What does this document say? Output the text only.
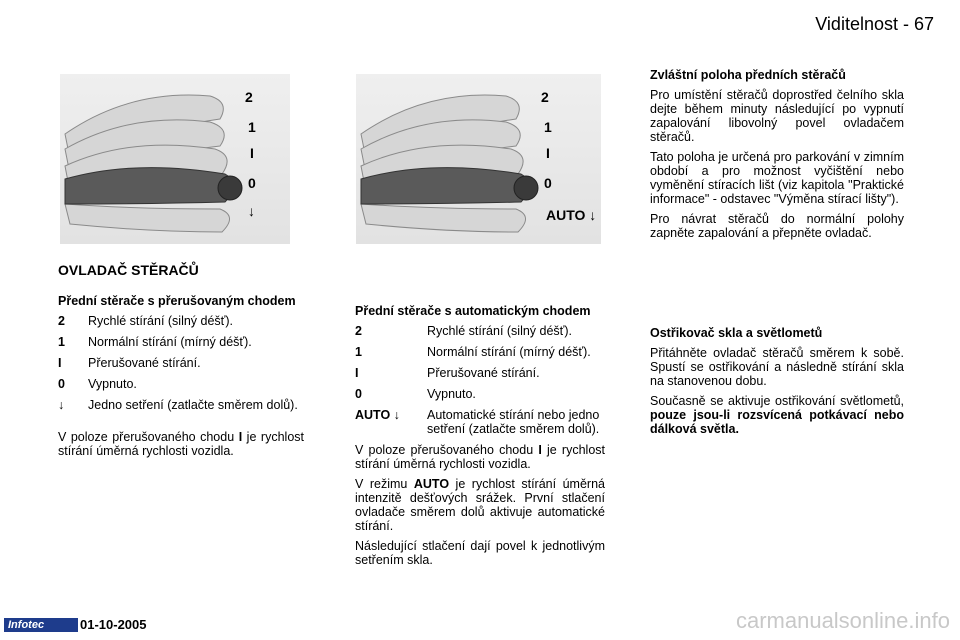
Viditelnost - 67
2
1
I
0
↓
2
1
I
0
AUTO ↓
OVLADAČ STĚRAČŮ
Přední stěrače s přerušovaným chodem
2	Rychlé stírání (silný déšť).
1	Normální stírání (mírný déšť).
I	Přerušované stírání.
0	Vypnuto.
↓	Jedno setření (zatlačte směrem dolů).

V poloze přerušovaného chodu I je rychlost stírání úměrná rychlosti vozidla.

Přední stěrače s automatickým chodem
2	Rychlé stírání (silný déšť).
1	Normální stírání (mírný déšť).
I	Přerušované stírání.
0	Vypnuto.
AUTO ↓	Automatické stírání nebo jedno setření (zatlačte směrem dolů).

V poloze přerušovaného chodu I je rychlost stírání úměrná rychlosti vozidla.

V režimu AUTO je rychlost stírání úměrná intenzitě dešťových srážek. První stlačení ovladače směrem dolů aktivuje automatické stírání.

Následující stlačení dají povel k jednotlivým setřením skla.

Zvláštní poloha předních stěračů

Pro umístění stěračů doprostřed čelního skla dejte během minuty následující po vypnutí zapalování libovolný povel ovladačem stěračů.

Tato poloha je určená pro parkování v zimním období a pro možnost vyčištění nebo vyměnění stíracích lišt (viz kapitola "Praktické informace" - odstavec "Výměna stírací lišty").

Pro návrat stěračů do normální polohy zapněte zapalování a přepněte ovladač.

Ostřikovač skla a světlometů

Přitáhněte ovladač stěračů směrem k sobě. Spustí se ostřikování a následně stírání skla na stanovenou dobu.

Současně se aktivuje ostřikování světlometů, pouze jsou-li rozsvícená potkávací nebo dálková světla.

Infotec	01-10-2005	carmanualsonline.info
